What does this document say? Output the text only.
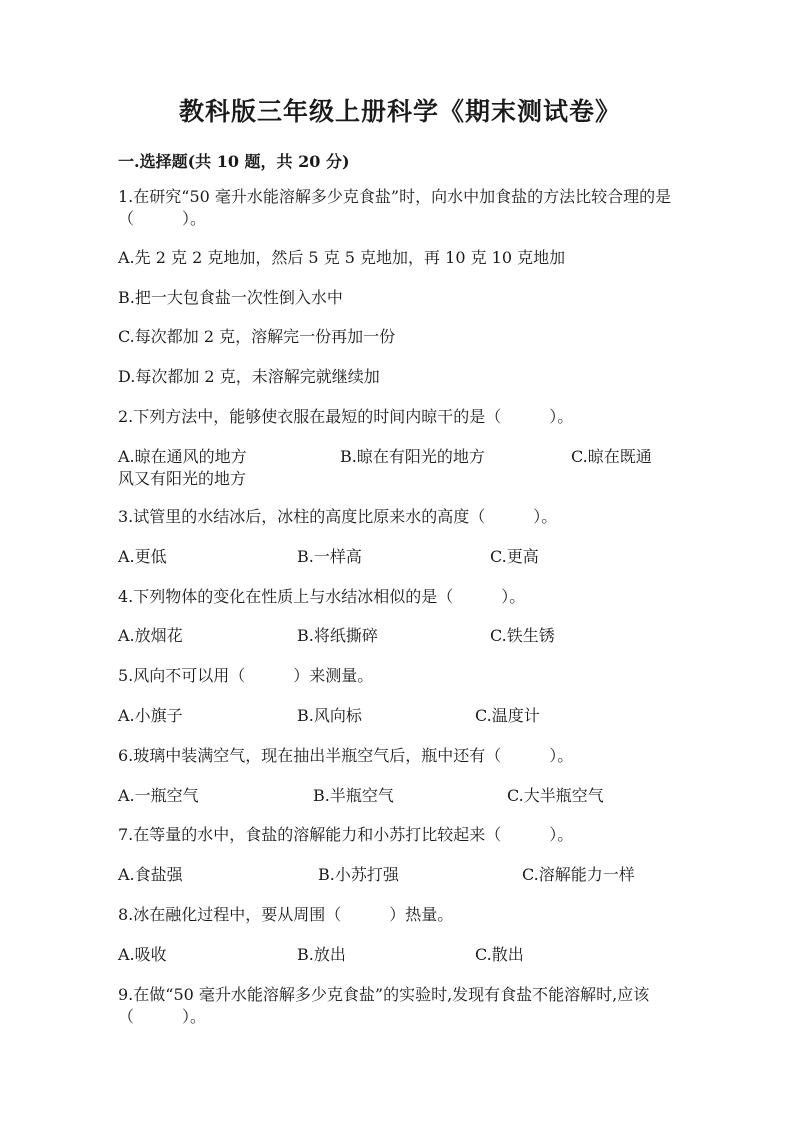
教科版三年级上册科学《期末测试卷》
一.选择题(共 10 题，共 20 分)
1.在研究“50 毫升水能溶解多少克食盐”时，向水中加食盐的方法比较合理的是（　　　）。
A.先 2 克 2 克地加，然后 5 克 5 克地加，再 10 克 10 克地加
B.把一大包食盐一次性倒入水中
C.每次都加 2 克，溶解完一份再加一份
D.每次都加 2 克，未溶解完就继续加
2.下列方法中，能够使衣服在最短的时间内晾干的是（　　　）。
A.晾在通风的地方	B.晾在有阳光的地方	C.晾在既通
风又有阳光的地方
3.试管里的水结冰后，冰柱的高度比原来水的高度（　　　）。
A.更低	B.一样高	C.更高
4.下列物体的变化在性质上与水结冰相似的是（　　　）。
A.放烟花	B.将纸撕碎	C.铁生锈
5.风向不可以用（　　　）来测量。
A.小旗子	B.风向标	C.温度计
6.玻璃中装满空气，现在抽出半瓶空气后，瓶中还有（　　　）。
A.一瓶空气	B.半瓶空气	C.大半瓶空气
7.在等量的水中，食盐的溶解能力和小苏打比较起来（　　　）。
A.食盐强	B.小苏打强	C.溶解能力一样
8.冰在融化过程中，要从周围（　　　）热量。
A.吸收	B.放出	C.散出
9.在做“50 毫升水能溶解多少克食盐”的实验时,发现有食盐不能溶解时,应该（　　　）。
